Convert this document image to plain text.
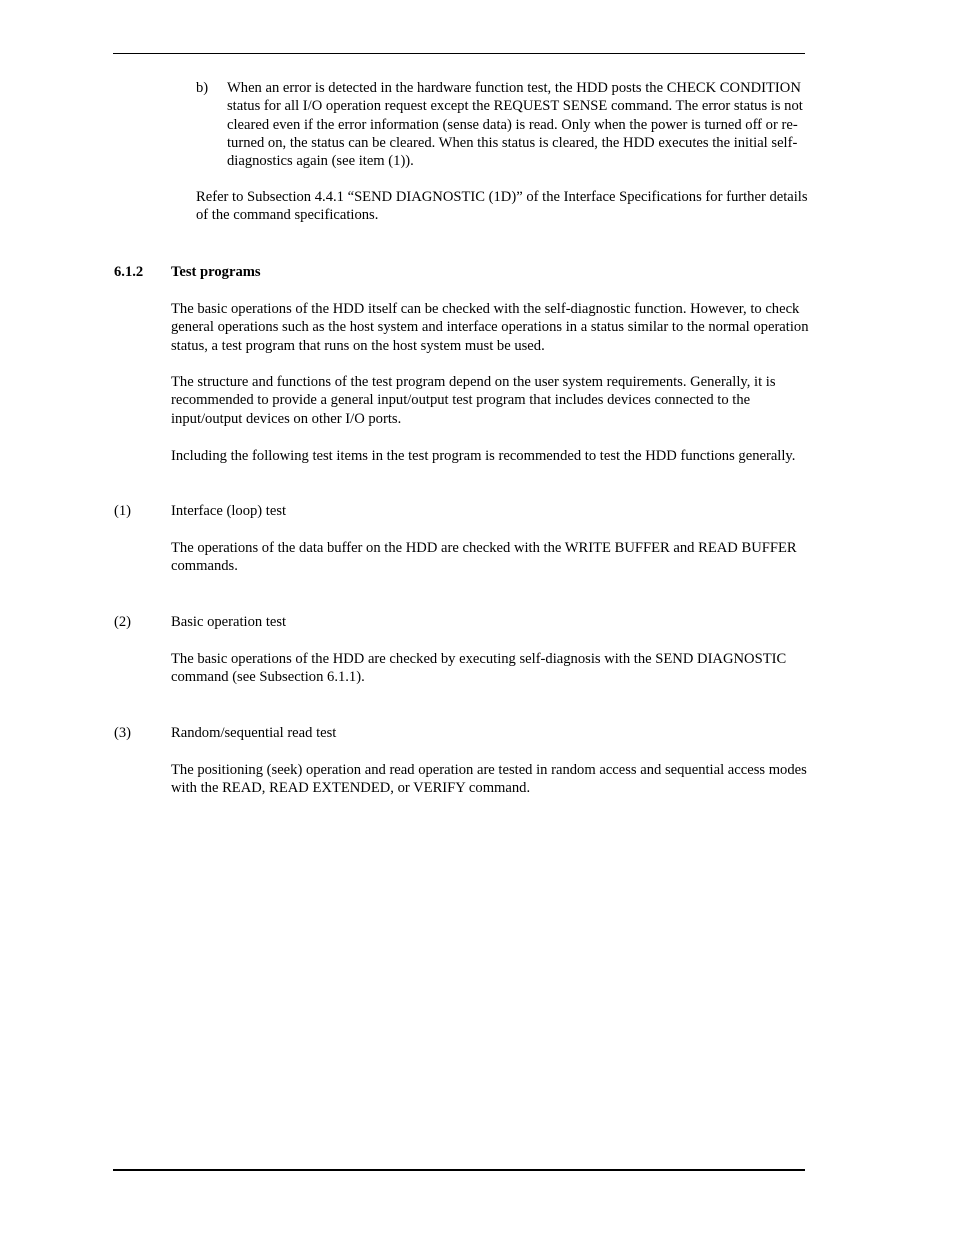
b) When an error is detected in the hardware function test, the HDD posts the CHECK CONDITION status for all I/O operation request except the REQUEST SENSE command. The error status is not cleared even if the error information (sense data) is read. Only when the power is turned off or re-turned on, the status can be cleared. When this status is cleared, the HDD executes the initial self-diagnostics again (see item (1)).

Refer to Subsection 4.4.1 “SEND DIAGNOSTIC (1D)” of the Interface Specifications for further details of the command specifications.

6.1.2 Test programs

The basic operations of the HDD itself can be checked with the self-diagnostic function. However, to check general operations such as the host system and interface operations in a status similar to the normal operation status, a test program that runs on the host system must be used.

The structure and functions of the test program depend on the user system requirements. Generally, it is recommended to provide a general input/output test program that includes devices connected to the input/output devices on other I/O ports.

Including the following test items in the test program is recommended to test the HDD functions generally.

(1)	Interface (loop) test

The operations of the data buffer on the HDD are checked with the WRITE BUFFER and READ BUFFER commands.

(2)	Basic operation test

The basic operations of the HDD are checked by executing self-diagnosis with the SEND DIAGNOSTIC command (see Subsection 6.1.1).

(3)	Random/sequential read test

The positioning (seek) operation and read operation are tested in random access and sequential access modes with the READ, READ EXTENDED, or VERIFY command.
